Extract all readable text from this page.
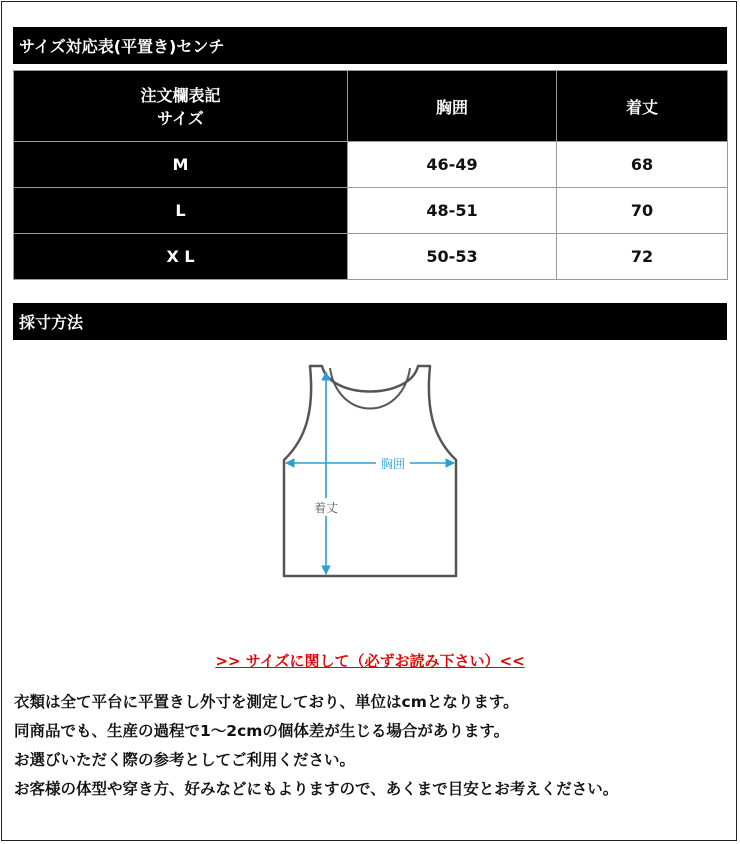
サイズ対応表(平置き)センチ
注文欄表記
サイズ	胸囲	着丈
M	46-49	68
L	48-51	70
X L	50-53	72
採寸方法
胸囲
着丈
>> サイズに関して（必ずお読み下さい）<<

衣類は全て平台に平置きし外寸を測定しており、単位はcmとなります。

同商品でも、生産の過程で1〜2cmの個体差が生じる場合があります。

お選びいただく際の参考としてご利用ください。

お客様の体型や穿き方、好みなどにもよりますので、あくまで目安とお考えください。
